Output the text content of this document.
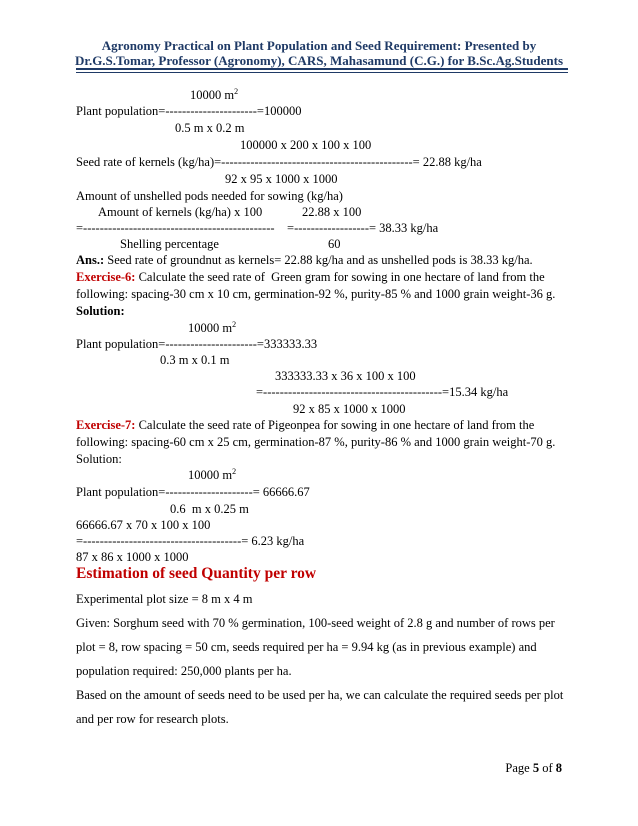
Agronomy Practical on Plant Population and Seed Requirement: Presented by
Dr.G.S.Tomar, Professor (Agronomy), CARS, Mahasamund (C.G.) for B.Sc.Ag.Students
10000 $m^2$
Plant population=----------------------=100000
0.5 m x 0.2 m
100000 x 200 x 100 x 100
Seed rate of kernels (kg/ha)=----------------------------------------------= 22.88 kg/ha
92 x 95 x 1000 x 1000
Amount of unshelled pods needed for sowing (kg/ha)
Amount of kernels (kg/ha) x 100	22.88 x 100
=----------------------------------------------    =------------------= 38.33 kg/ha
Shelling percentage	60
Ans.: Seed rate of groundnut as kernels= 22.88 kg/ha and as unshelled pods is 38.33 kg/ha.
Exercise-6: Calculate the seed rate of  Green gram for sowing in one hectare of land from the
following: spacing-30 cm x 10 cm, germination-92 %, purity-85 % and 1000 grain weight-36 g.
Solution:
10000 $m^2$
Plant population=----------------------=333333.33
0.3 m x 0.1 m
333333.33 x 36 x 100 x 100
=-------------------------------------------=15.34 kg/ha
92 x 85 x 1000 x 1000
Exercise-7: Calculate the seed rate of Pigeonpea for sowing in one hectare of land from the
following: spacing-60 cm x 25 cm, germination-87 %, purity-86 % and 1000 grain weight-70 g.
Solution:
10000 $m^2$
Plant population=---------------------= 66666.67
0.6  m x 0.25 m
66666.67 x 70 x 100 x 100
=--------------------------------------= 6.23 kg/ha
87 x 86 x 1000 x 1000
Estimation of seed Quantity per row
Experimental plot size = 8 m x 4 m
Given: Sorghum seed with 70 % germination, 100-seed weight of 2.8 g and number of rows per
plot = 8, row spacing = 50 cm, seeds required per ha = 9.94 kg (as in previous example) and
population required: 250,000 plants per ha.
Based on the amount of seeds need to be used per ha, we can calculate the required seeds per plot
and per row for research plots.
Page 5 of 8
